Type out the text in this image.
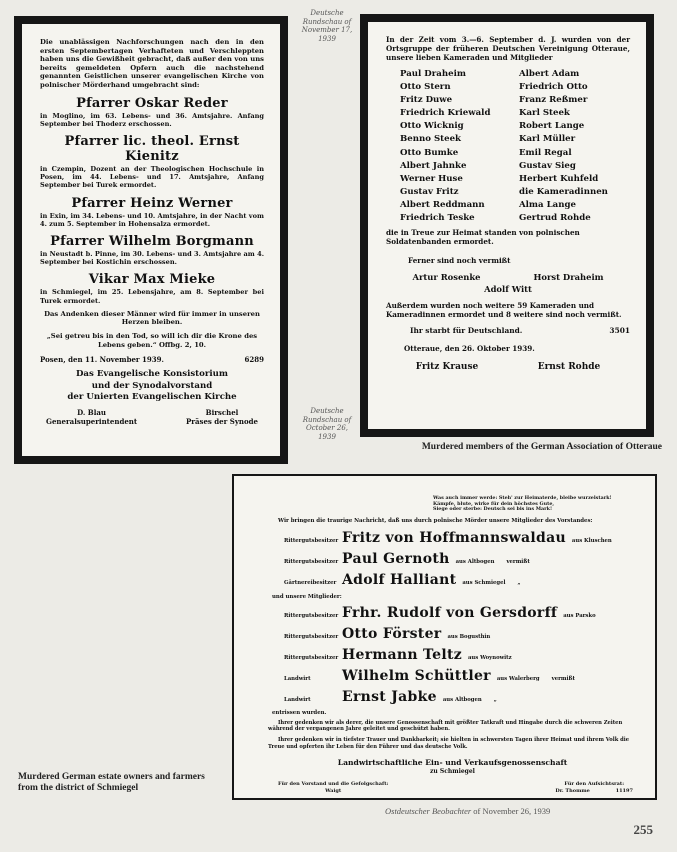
Die unablässigen Nachforschungen nach den in den ersten Septembertagen Verhafteten und Verschleppten haben uns die Gewißheit gebracht, daß außer den von uns bereits gemeldeten Opfern auch die nachstehend genannten Geistlichen unserer evangelischen Kirche von polnischer Mörderhand umgebracht sind:
Pfarrer Oskar Reder
in Moglino, im 63. Lebens- und 36. Amtsjahre. Anfang September bei Thoderz erschossen.
Pfarrer lic. theol. Ernst Kienitz
in Czempin, Dozent an der Theologischen Hochschule in Posen, im 44. Lebens- und 17. Amtsjahre, Anfang September bei Turek ermordet.
Pfarrer Heinz Werner
in Exin, im 34. Lebens- und 10. Amtsjahre, in der Nacht vom 4. zum 5. September in Hohensalza ermordet.
Pfarrer Wilhelm Borgmann
in Neustadt b. Pinne, im 30. Lebens- und 3. Amtsjahre am 4. September bei Kostichin erschossen.
Vikar Max Mieke
in Schmiegel, im 25. Lebensjahre, am 8. September bei Turek ermordet.
Das Andenken dieser Männer wird für immer in unseren Herzen bleiben.
„Sei getreu bis in den Tod, so will ich dir die Krone des Lebens geben.“ Offbg. 2, 10.
Posen, den 11. November 1939.	6289
Das Evangelische Konsistorium
und der Synodalvorstand
der Unierten Evangelischen Kirche
D. Blau
Generalsuperintendent
Birschel
Präses der Synode
Deutsche Rundschau of November 17, 1939
Deutsche Rundschau of October 26, 1939
In der Zeit vom 3.—6. September d. J. wurden von der Ortsgruppe der früheren Deutschen Vereinigung Otteraue, unsere lieben Kameraden und Mitglieder
Paul Draheim	Albert Adam
Otto Stern	Friedrich Otto
Fritz Duwe	Franz Reßmer
Friedrich Kriewald	Karl Steek
Otto Wicknig	Robert Lange
Benno Steek	Karl Müller
Otto Bumke	Emil Regal
Albert Jahnke	Gustav Sieg
Werner Huse	Herbert Kuhfeld
Gustav Fritz	die Kameradinnen
Albert Reddmann	Alma Lange
Friedrich Teske	Gertrud Rohde
die in Treue zur Heimat standen von polnischen Soldatenbanden ermordet.
Ferner sind noch vermißt
Artur Rosenke	Horst Draheim
Adolf Witt
Außerdem wurden noch weitere 59 Kameraden und Kameradinnen ermordet und 8 weitere sind noch vermißt.
Ihr starbt für Deutschland.	3501
Otteraue, den 26. Oktober 1939.
Fritz Krause	Ernst Rohde
Murdered members of the German Association of Otteraue
Was auch immer werde: Steh' zur Heimaterde, bleibe wurzelstark!
Kämpfe, blute, wirke für dein höchstes Gute,
Siege oder sterbe: Deutsch sei bis ins Mark!
Wir bringen die traurige Nachricht, daß uns durch polnische Mörder unsere Mitglieder des Vorstandes:
Rittergutsbesitzer Fritz von Hoffmannswaldau aus Kluschen
Rittergutsbesitzer Paul Gernoth aus Altbogen vermißt
Gärtnereibesitzer Adolf Halliant aus Schmiegel „
und unsere Mitglieder:
Rittergutsbesitzer Frhr. Rudolf von Gersdorff aus Parsko
Rittergutsbesitzer Otto Förster aus Bogusthin
Rittergutsbesitzer Hermann Teltz aus Woynowitz
Landwirt	Wilhelm Schüttler aus Walerberg vermißt
Landwirt	Ernst Jabke aus Altbogen „
entrissen wurden.
Ihrer gedenken wir als derer, die unsere Genossenschaft mit größter Tatkraft und Hingabe durch die schweren Zeiten während der vergangenen Jahre geleitet und geschützt haben.
Ihrer gedenken wir in tiefster Trauer und Dankbarkeit; sie hielten in schwersten Tagen ihrer Heimat und ihrem Volk die Treue und opferten ihr Leben für den Führer und das deutsche Volk.
Landwirtschaftliche Ein- und Verkaufsgenossenschaft
zu Schmiegel
Für den Vorstand und die Gefolgschaft:
Waigt
Für den Aufsichtsrat:
Dr. Thomme	11197
Murdered German estate owners and farmers from the district of Schmiegel
Ostdeutscher Beobachter of November 26, 1939
255
